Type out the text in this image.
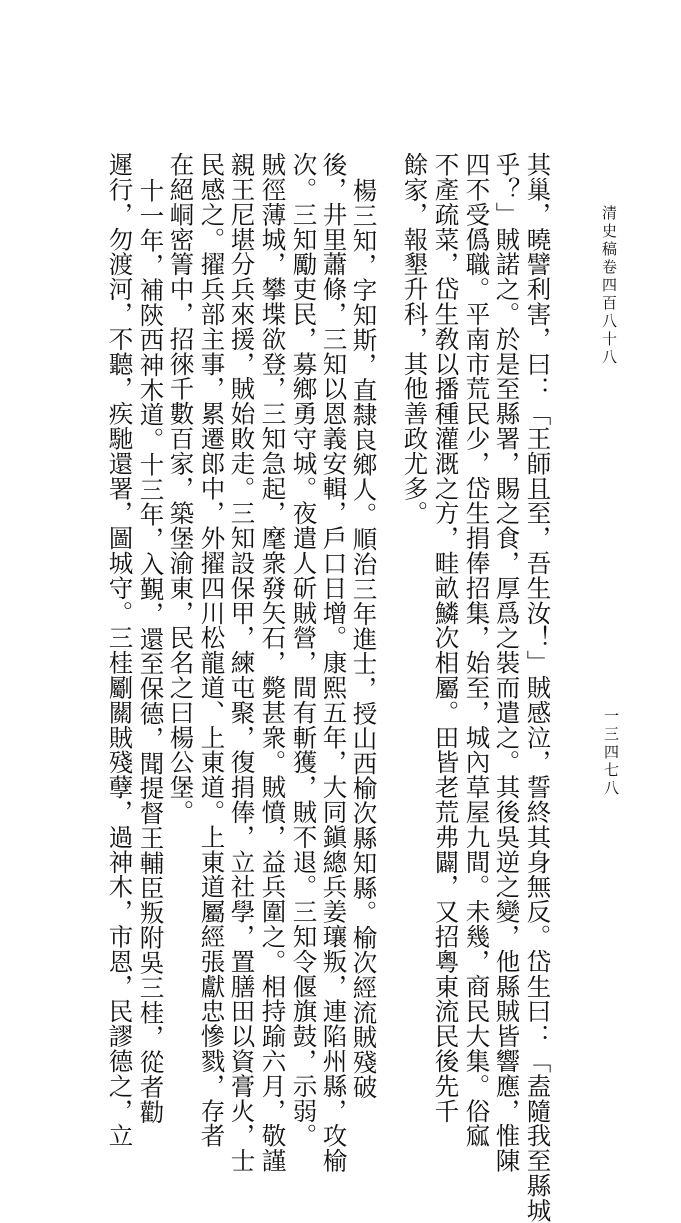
清史稿卷四百八十八
一三四七八
其巢，曉譬利害，曰：「王師且至，吾生汝！」賊感泣，誓終其身無反。岱生曰：「盍隨我至縣城
乎？」賊諾之。於是至縣署，賜之食，厚爲之裝而遣之。其後吳逆之變，他縣賊皆響應，惟陳
四不受僞職。平南市荒民少，岱生捐俸招集，始至，城內草屋九間。未幾，商民大集。俗寙
不產疏菜，岱生敎以播種灌溉之方，畦畝鱗次相屬。田皆老荒弗闢，又招粵東流民後先千
餘家，報墾升科，其他善政尤多。
楊三知，字知斯，直隸良鄉人。順治三年進士，授山西榆次縣知縣。榆次經流賊殘破
後，井里蕭條，三知以恩義安輯，戶口日增。康熙五年，大同鎭總兵姜瓖叛，連陷州縣，攻榆
次。三知勵吏民，募鄉勇守城。夜遣人斫賊營，間有斬獲，賊不退。三知令偃旗鼓，示弱。
賊徑薄城，攀堞欲登，三知急起，麾衆發矢石，斃甚衆。賊憤，益兵圍之。相持踰六月，敬謹
親王尼堪分兵來援，賊始敗走。三知設保甲，練屯聚，復捐俸，立社學，置膳田以資膏火，士
民感之。擢兵部主事，累遷郎中，外擢四川松龍道、上東道。上東道屬經張獻忠慘戮，存者
在絕峒密箐中，招徠千數百家，築堡渝東，民名之曰楊公堡。
十一年，補陝西神木道。十三年，入覲，還至保德，聞提督王輔臣叛附吳三桂，從者勸
遲行，勿渡河，不聽，疾馳還署，圖城守。三桂劚關賊殘孽，過神木，市恩，民謬德之，立
